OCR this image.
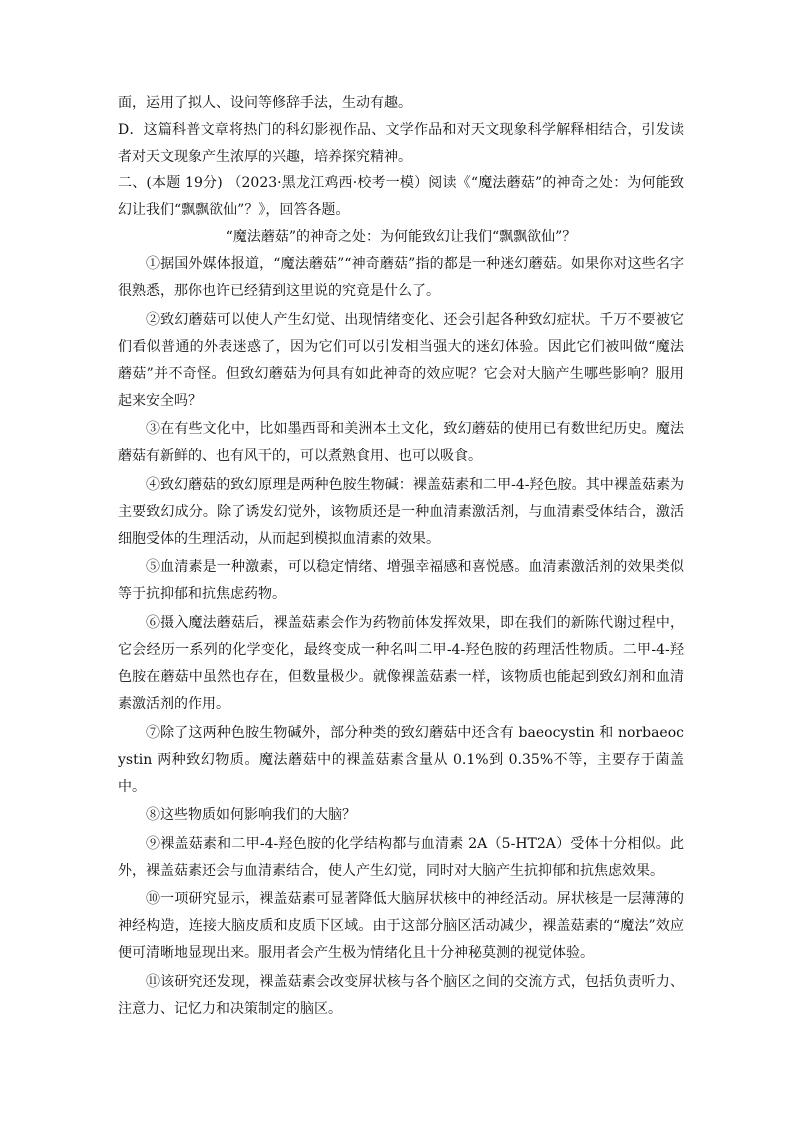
面，运用了拟人、设问等修辞手法，生动有趣。

D．这篇科普文章将热门的科幻影视作品、文学作品和对天文现象科学解释相结合，引发读者对天文现象产生浓厚的兴趣，培养探究精神。

二、(本题 19分) （2023·黑龙江鸡西·校考一模）阅读《“魔法蘑菇”的神奇之处：为何能致幻让我们“飘飘欲仙”？》，回答各题。

“魔法蘑菇”的神奇之处：为何能致幻让我们“飘飘欲仙”？

①据国外媒体报道，“魔法蘑菇”“神奇蘑菇”指的都是一种迷幻蘑菇。如果你对这些名字很熟悉，那你也许已经猜到这里说的究竟是什么了。

②致幻蘑菇可以使人产生幻觉、出现情绪变化、还会引起各种致幻症状。千万不要被它们看似普通的外表迷惑了，因为它们可以引发相当强大的迷幻体验。因此它们被叫做“魔法蘑菇”并不奇怪。但致幻蘑菇为何具有如此神奇的效应呢？它会对大脑产生哪些影响？服用起来安全吗？

③在有些文化中，比如墨西哥和美洲本土文化，致幻蘑菇的使用已有数世纪历史。魔法蘑菇有新鲜的、也有风干的，可以煮熟食用、也可以吸食。

④致幻蘑菇的致幻原理是两种色胺生物碱：裸盖菇素和二甲-4-羟色胺。其中裸盖菇素为主要致幻成分。除了诱发幻觉外，该物质还是一种血清素激活剂，与血清素受体结合，激活细胞受体的生理活动，从而起到模拟血清素的效果。

⑤血清素是一种激素，可以稳定情绪、增强幸福感和喜悦感。血清素激活剂的效果类似等于抗抑郁和抗焦虑药物。

⑥摄入魔法蘑菇后，裸盖菇素会作为药物前体发挥效果，即在我们的新陈代谢过程中，它会经历一系列的化学变化，最终变成一种名叫二甲-4-羟色胺的药理活性物质。二甲-4-羟色胺在蘑菇中虽然也存在，但数量极少。就像裸盖菇素一样，该物质也能起到致幻剂和血清素激活剂的作用。

⑦除了这两种色胺生物碱外，部分种类的致幻蘑菇中还含有 baeocystin 和 norbaeocystin 两种致幻物质。魔法蘑菇中的裸盖菇素含量从 0.1%到 0.35%不等，主要存于菌盖中。

⑧这些物质如何影响我们的大脑？

⑨裸盖菇素和二甲-4-羟色胺的化学结构都与血清素 2A（5-HT2A）受体十分相似。此外，裸盖菇素还会与血清素结合，使人产生幻觉，同时对大脑产生抗抑郁和抗焦虑效果。

⑩一项研究显示，裸盖菇素可显著降低大脑屏状核中的神经活动。屏状核是一层薄薄的神经构造，连接大脑皮质和皮质下区域。由于这部分脑区活动减少，裸盖菇素的“魔法”效应便可清晰地显现出来。服用者会产生极为情绪化且十分神秘莫测的视觉体验。

⑪该研究还发现，裸盖菇素会改变屏状核与各个脑区之间的交流方式，包括负责听力、注意力、记忆力和决策制定的脑区。
